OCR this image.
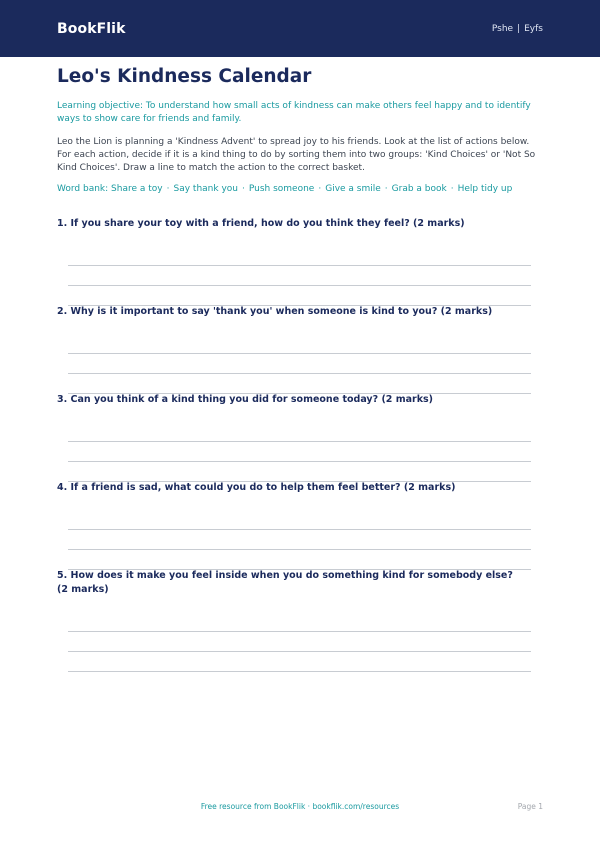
BookFlik	Pshe | Eyfs
Leo's Kindness Calendar

Learning objective: To understand how small acts of kindness can make others feel happy and to identify ways to show care for friends and family.

Leo the Lion is planning a 'Kindness Advent' to spread joy to his friends. Look at the list of actions below. For each action, decide if it is a kind thing to do by sorting them into two groups: 'Kind Choices' or 'Not So Kind Choices'. Draw a line to match the action to the correct basket.

Word bank: Share a toy · Say thank you · Push someone · Give a smile · Grab a book · Help tidy up

1. If you share your toy with a friend, how do you think they feel? (2 marks)
2. Why is it important to say 'thank you' when someone is kind to you? (2 marks)
3. Can you think of a kind thing you did for someone today? (2 marks)
4. If a friend is sad, what could you do to help them feel better? (2 marks)
5. How does it make you feel inside when you do something kind for somebody else? (2 marks)
Free resource from BookFlik · bookflik.com/resources	Page 1
